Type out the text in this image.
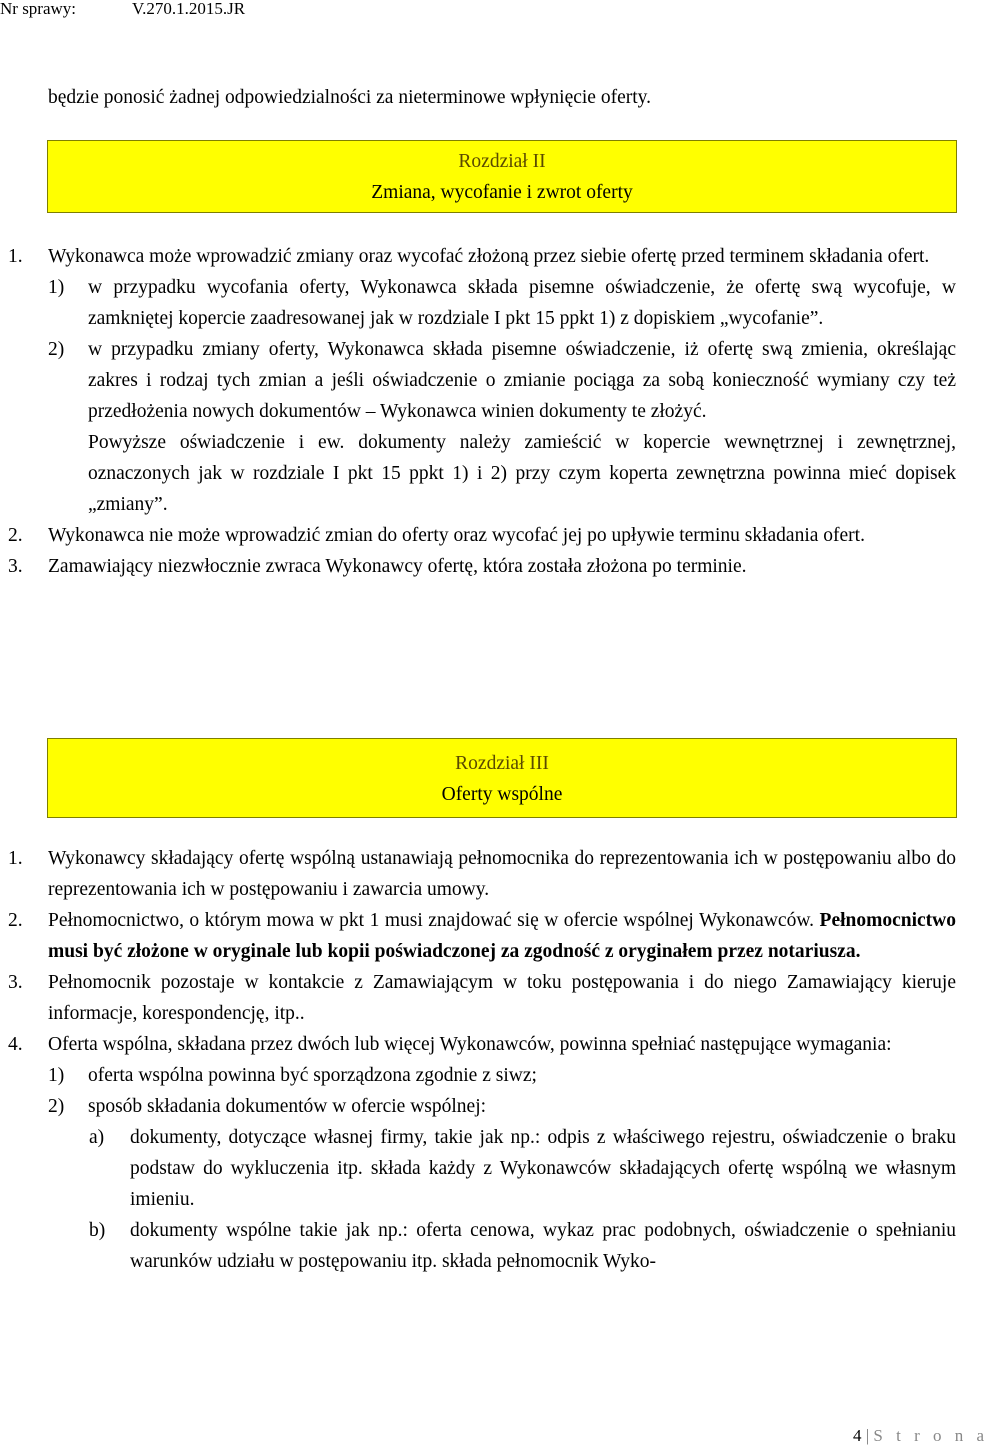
Nr sprawy:	V.270.1.2015.JR
będzie ponosić żadnej odpowiedzialności za nieterminowe wpłynięcie oferty.
Rozdział II
Zmiana, wycofanie i zwrot oferty
1. Wykonawca może wprowadzić zmiany oraz wycofać złożoną przez siebie ofertę przed terminem składania ofert.
1) w przypadku wycofania oferty, Wykonawca składa pisemne oświadczenie, że ofertę swą wycofuje, w zamkniętej kopercie zaadresowanej jak w rozdziale I pkt 15 ppkt 1) z dopiskiem „wycofanie”.
2) w przypadku zmiany oferty, Wykonawca składa pisemne oświadczenie, iż ofertę swą zmienia, określając zakres i rodzaj tych zmian a jeśli oświadczenie o zmianie pociąga za sobą konieczność wymiany czy też przedłożenia nowych dokumentów – Wykonawca winien dokumenty te złożyć.
Powyższe oświadczenie i ew. dokumenty należy zamieścić w kopercie wewnętrznej i zewnętrznej, oznaczonych jak w rozdziale I pkt 15 ppkt 1) i 2) przy czym koperta zewnętrzna powinna mieć dopisek „zmiany”.
2. Wykonawca nie może wprowadzić zmian do oferty oraz wycofać jej po upływie terminu składania ofert.
3. Zamawiający niezwłocznie zwraca Wykonawcy ofertę, która została złożona po terminie.
Rozdział III
Oferty wspólne
1. Wykonawcy składający ofertę wspólną ustanawiają pełnomocnika do reprezentowania ich w postępowaniu albo do reprezentowania ich w postępowaniu i zawarcia umowy.
2. Pełnomocnictwo, o którym mowa w pkt 1 musi znajdować się w ofercie wspólnej Wykonawców. Pełnomocnictwo musi być złożone w oryginale lub kopii poświadczonej za zgodność z oryginałem przez notariusza.
3. Pełnomocnik pozostaje w kontakcie z Zamawiającym w toku postępowania i do niego Zamawiający kieruje informacje, korespondencję, itp..
4. Oferta wspólna, składana przez dwóch lub więcej Wykonawców, powinna spełniać następujące wymagania:
1) oferta wspólna powinna być sporządzona zgodnie z siwz;
2) sposób składania dokumentów w ofercie wspólnej:
a) dokumenty, dotyczące własnej firmy, takie jak np.: odpis z właściwego rejestru, oświadczenie o braku podstaw do wykluczenia itp. składa każdy z Wykonawców składających ofertę wspólną we własnym imieniu.
b) dokumenty wspólne takie jak np.: oferta cenowa, wykaz prac podobnych, oświadczenie o spełnianiu warunków udziału w postępowaniu itp. składa pełnomocnik Wyko-
4 | S t r o n a
